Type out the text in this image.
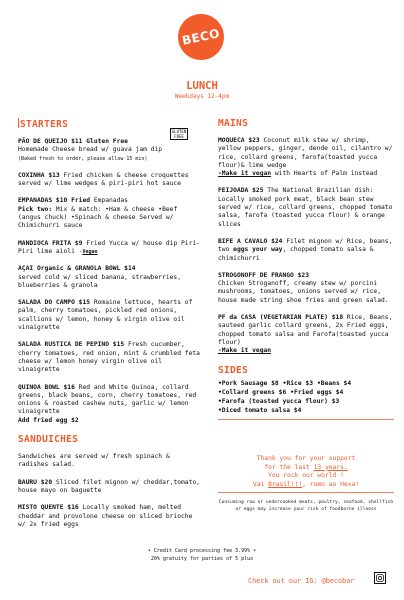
BECO
LUNCH
Weekdays 12-4pm
STARTERS
GLUTEN FREE
PÃO DE QUEIJO $11 Gluten Free
Homemade Cheese bread w/ guava jam dip
(Baked fresh to order, please allow 15 min)
COXINHA $13 Fried chicken & cheese croquettes served w/ lime wedges & piri-piri hot sauce
EMPANADAS $10 Fried Empanadas
Pick two: Mix & match: •Ham & cheese •Beef (angus chuck) •Spinach & cheese Served w/ Chimichurri sauce
MANDIOCA FRITA $9 Fried Yucca w/ house dip Piri-Piri lime aioli -Vegan
AÇAI Organic & GRANOLA BOWL $14
served cold w/ sliced banana, strawberries, blueberries & granola
SALADA DO CAMPO $15 Romaine lettuce, hearts of palm, cherry tomatoes, pickled red onions, scallions w/ lemon, honey & virgin olive oil vinaigrette
SALADA RUSTICA DE PEPINO $15 Fresh cucumber, cherry tomatoes, red onion, mint & crumbled feta cheese w/ lemon honey virgin olive oil vinaigrette
QUINOA BOWL $16 Red and White Quinoa, collard greens, black beans, corn, cherry tomatoes, red onions & roasted cashew nuts, garlic w/ lemon vinaigrette
Add fried egg $2
SANDUICHES
Sandwiches are served w/ fresh spinach & radishes salad.
BAURU $20 Sliced filet mignon w/ cheddar,tomato, house mayo on baguette
MISTO QUENTE $16 Locally smoked ham, melted cheddar and provolone cheese on sliced brioche w/ 2x fried eggs
MAINS
MOQUECA $23 Coconut milk stew w/ shrimp, yellow peppers, ginger, dende oil, cilantro w/ rice, collard greens, farofa(toasted yucca flour)& lime wedge
-Make it vegan with Hearts of Palm instead
FEIJOADA $25 The National Brazilian dish: Locally smoked pork meat, black bean stew served w/ rice, collard greens, chopped tomato salsa, farofa (toasted yucca flour) & orange slices
BIFE A CAVALO $24 Filet mignon w/ Rice, beans, two eggs your way, chopped tomato salsa & chimichurri
STROGONOFF DE FRANGO $23
Chicken Stroganoff, creamy stew w/ porcini mushrooms, tomatoes, onions served w/ rice, house made string shoe fries and green salad.
PF da CASA (VEGETARIAN PLATE) $18 Rice, Beans, sauteed garlic collard greens, 2x Fried eggs, chopped tomato salsa and Farofa(toasted yucca flour)
-Make it vegan
SIDES
•Pork Sausage $8 •Rice $3 •Beans $4
•Collard greens $6 •Fried eggs $4
•Farofa (toasted yucca flour) $3
•Diced tomato salsa $4
Thank you for your support
for the last 13 years.
You rock our world !
Vai Brasil!!!, rumo ao Hexa!
Consuming raw or undercooked meats, poultry, seafood, shellfish or eggs may increase your risk of foodborne illness
• Credit Card processing fee 3.99% •
20% gratuity for parties of 5 plus
Check out our IG: @becobar
